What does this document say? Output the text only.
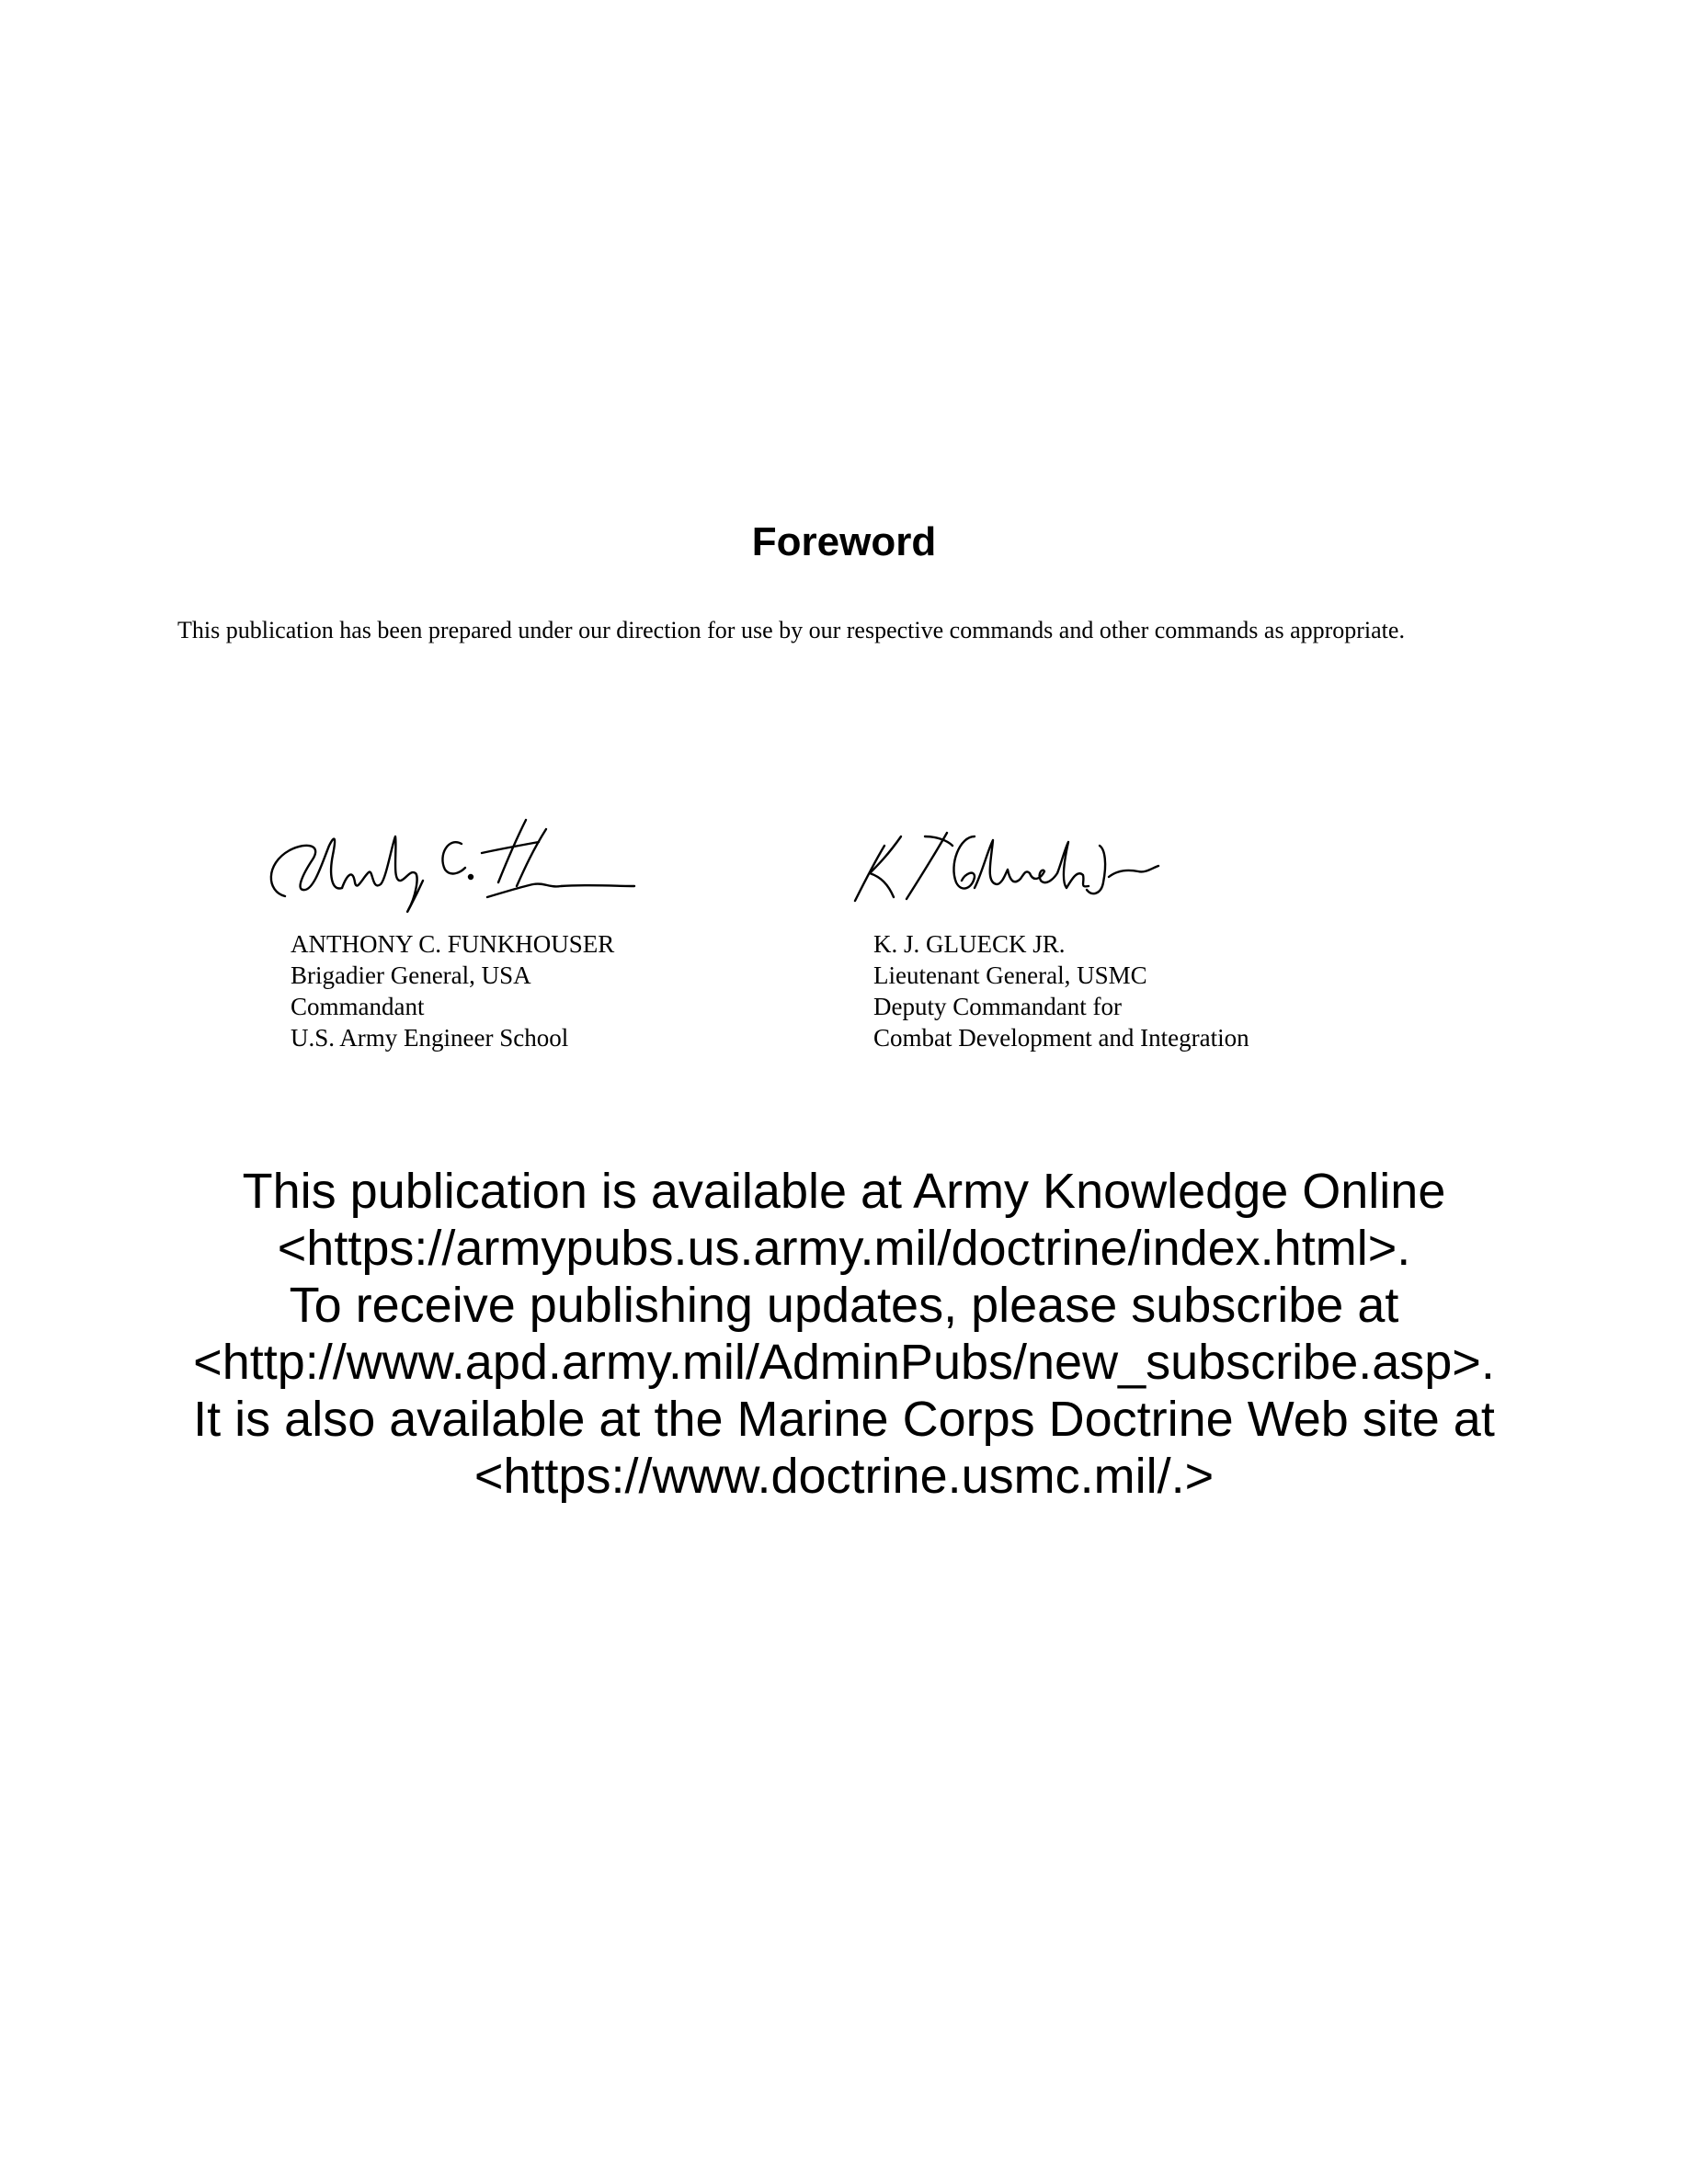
Foreword

This publication has been prepared under our direction for use by our respective commands and other commands as appropriate.

ANTHONY C. FUNKHOUSER
Brigadier General, USA
Commandant
U.S. Army Engineer School
K. J. GLUECK JR.
Lieutenant General, USMC
Deputy Commandant for
Combat Development and Integration
This publication is available at Army Knowledge Online
<https://armypubs.us.army.mil/doctrine/index.html>.
To receive publishing updates, please subscribe at
<http://www.apd.army.mil/AdminPubs/new_subscribe.asp>.
It is also available at the Marine Corps Doctrine Web site at
<https://www.doctrine.usmc.mil/.>
